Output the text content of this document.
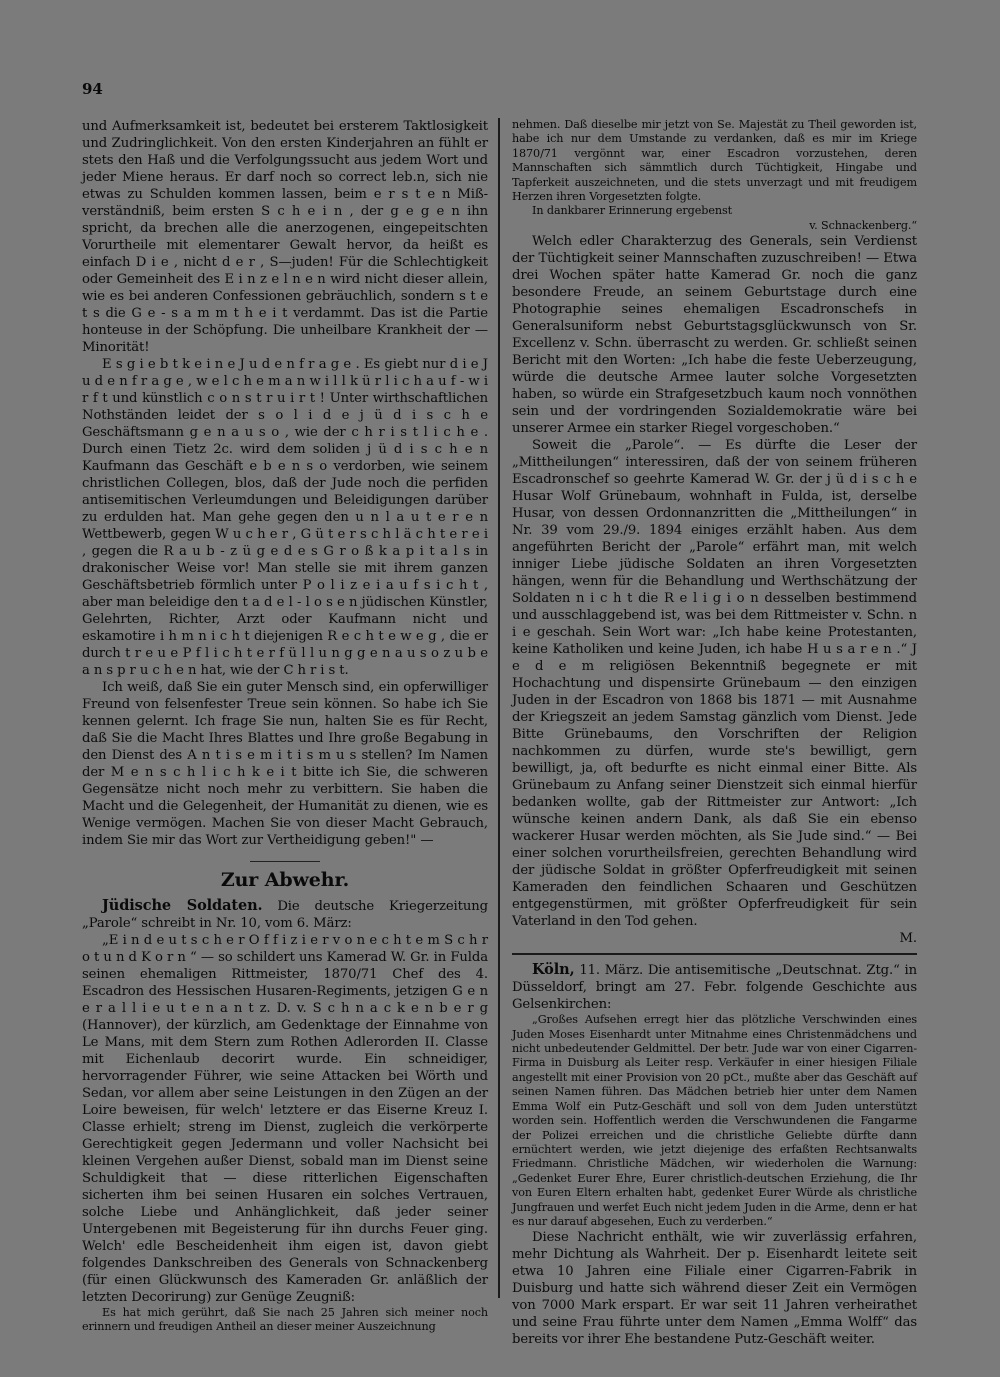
94

und Aufmerksamkeit ist, bedeutet bei ersterem Taktlosigkeit und Zudringlichkeit. Von den ersten Kinderjahren an fühlt er stets den Haß und die Verfolgungssucht aus jedem Wort und jeder Miene heraus. Er darf noch so correct leb.n, sich nie etwas zu Schulden kommen lassen, beim e r s t e n Miß-verständniß, beim ersten S c h e i n , der g e g e n ihn spricht, da brechen alle die anerzogenen, eingepeitschten Vorurtheile mit elementarer Gewalt hervor, da heißt es einfach D i e , nicht d e r , S—juden! Für die Schlechtigkeit oder Gemeinheit des E i n z e l n e n wird nicht dieser allein, wie es bei anderen Confessionen gebräuchlich, sondern s t e t s die G e - s a m m t h e i t verdammt. Das ist die Partie honteuse in der Schöpfung. Die unheilbare Krankheit der — Minorität!

E s g i e b t k e i n e J u d e n f r a g e . Es giebt nur d i e J u d e n f r a g e , w e l c h e m a n w i l l k ü r l i c h a u f - w i r f t und künstlich c o n s t r u i r t ! Unter wirthschaftlichen Nothständen leidet der s o l i d e j ü d i s c h e Geschäftsmann g e n a u s o , wie der c h r i s t l i c h e . Durch einen Tietz 2c. wird dem soliden j ü d i s c h e n Kaufmann das Geschäft e b e n s o verdorben, wie seinem christlichen Collegen, blos, daß der Jude noch die perfiden antisemitischen Verleumdungen und Beleidigungen darüber zu erdulden hat. Man gehe gegen den u n l a u t e r e n Wettbewerb, gegen W u c h e r , G ü t e r s c h l ä c h t e r e i , gegen die R a u b - z ü g e d e s G r o ß k a p i t a l s in drakonischer Weise vor! Man stelle sie mit ihrem ganzen Geschäftsbetrieb förmlich unter P o l i z e i a u f s i c h t , aber man beleidige den t a d e l - l o s e n jüdischen Künstler, Gelehrten, Richter, Arzt oder Kaufmann nicht und eskamotire i h m n i c h t diejenigen R e c h t e w e g , die er durch t r e u e P f l i c h t e r f ü l l u n g g e n a u s o z u b e a n s p r u c h e n hat, wie der C h r i s t.

Ich weiß, daß Sie ein guter Mensch sind, ein opferwilliger Freund von felsenfester Treue sein können. So habe ich Sie kennen gelernt. Ich frage Sie nun, halten Sie es für Recht, daß Sie die Macht Ihres Blattes und Ihre große Begabung in den Dienst des A n t i s e m i t i s m u s stellen? Im Namen der M e n s c h l i c h k e i t bitte ich Sie, die schweren Gegensätze nicht noch mehr zu verbittern. Sie haben die Macht und die Gelegenheit, der Humanität zu dienen, wie es Wenige vermögen. Machen Sie von dieser Macht Gebrauch, indem Sie mir das Wort zur Vertheidigung geben!" —

Zur Abwehr.

Jüdische Soldaten. Die deutsche Kriegerzeitung „Parole“ schreibt in Nr. 10, vom 6. März:

„E i n d e u t s c h e r O f f i z i e r v o n e c h t e m S c h r o t u n d K o r n “ — so schildert uns Kamerad W. Gr. in Fulda seinen ehemaligen Rittmeister, 1870/71 Chef des 4. Escadron des Hessischen Husaren-Regiments, jetzigen G e n e r a l l i e u t e n a n t z. D. v. S c h n a c k e n b e r g (Hannover), der kürzlich, am Gedenktage der Einnahme von Le Mans, mit dem Stern zum Rothen Adlerorden II. Classe mit Eichenlaub decorirt wurde. Ein schneidiger, hervorragender Führer, wie seine Attacken bei Wörth und Sedan, vor allem aber seine Leistungen in den Zügen an der Loire beweisen, für welch' letztere er das Eiserne Kreuz I. Classe erhielt; streng im Dienst, zugleich die verkörperte Gerechtigkeit gegen Jedermann und voller Nachsicht bei kleinen Vergehen außer Dienst, sobald man im Dienst seine Schuldigkeit that — diese ritterlichen Eigenschaften sicherten ihm bei seinen Husaren ein solches Vertrauen, solche Liebe und Anhänglichkeit, daß jeder seiner Untergebenen mit Begeisterung für ihn durchs Feuer ging. Welch' edle Bescheidenheit ihm eigen ist, davon giebt folgendes Dankschreiben des Generals von Schnackenberg (für einen Glückwunsch des Kameraden Gr. anläßlich der letzten Decorirung) zur Genüge Zeugniß:

Es hat mich gerührt, daß Sie nach 25 Jahren sich meiner noch erinnern und freudigen Antheil an dieser meiner Auszeichnung

nehmen. Daß dieselbe mir jetzt von Se. Majestät zu Theil geworden ist, habe ich nur dem Umstande zu verdanken, daß es mir im Kriege 1870/71 vergönnt war, einer Escadron vorzustehen, deren Mannschaften sich sämmtlich durch Tüchtigkeit, Hingabe und Tapferkeit auszeichneten, und die stets unverzagt und mit freudigem Herzen ihren Vorgesetzten folgte.

In dankbarer Erinnerung ergebenst

v. Schnackenberg.“

Welch edler Charakterzug des Generals, sein Verdienst der Tüchtigkeit seiner Mannschaften zuzuschreiben! — Etwa drei Wochen später hatte Kamerad Gr. noch die ganz besondere Freude, an seinem Geburtstage durch eine Photographie seines ehemaligen Escadronschefs in Generalsuniform nebst Geburtstagsglückwunsch von Sr. Excellenz v. Schn. überrascht zu werden. Gr. schließt seinen Bericht mit den Worten: „Ich habe die feste Ueberzeugung, würde die deutsche Armee lauter solche Vorgesetzten haben, so würde ein Strafgesetzbuch kaum noch vonnöthen sein und der vordringenden Sozialdemokratie wäre bei unserer Armee ein starker Riegel vorgeschoben.“

Soweit die „Parole“. — Es dürfte die Leser der „Mittheilungen“ interessiren, daß der von seinem früheren Escadronschef so geehrte Kamerad W. Gr. der j ü d i s c h e Husar Wolf Grünebaum, wohnhaft in Fulda, ist, derselbe Husar, von dessen Ordonnanzritten die „Mittheilungen“ in Nr. 39 vom 29./9. 1894 einiges erzählt haben. Aus dem angeführten Bericht der „Parole“ erfährt man, mit welch inniger Liebe jüdische Soldaten an ihren Vorgesetzten hängen, wenn für die Behandlung und Werthschätzung der Soldaten n i c h t die R e l i g i o n desselben bestimmend und ausschlaggebend ist, was bei dem Rittmeister v. Schn. n i e geschah. Sein Wort war: „Ich habe keine Protestanten, keine Katholiken und keine Juden, ich habe H u s a r e n .“ J e d e m religiösen Bekenntniß begegnete er mit Hochachtung und dispensirte Grünebaum — den einzigen Juden in der Escadron von 1868 bis 1871 — mit Ausnahme der Kriegszeit an jedem Samstag gänzlich vom Dienst. Jede Bitte Grünebaums, den Vorschriften der Religion nachkommen zu dürfen, wurde ste's bewilligt, gern bewilligt, ja, oft bedurfte es nicht einmal einer Bitte. Als Grünebaum zu Anfang seiner Dienstzeit sich einmal hierfür bedanken wollte, gab der Rittmeister zur Antwort: „Ich wünsche keinen andern Dank, als daß Sie ein ebenso wackerer Husar werden möchten, als Sie Jude sind.“ — Bei einer solchen vorurtheilsfreien, gerechten Behandlung wird der jüdische Soldat in größter Opferfreudigkeit mit seinen Kameraden den feindlichen Schaaren und Geschützen entgegenstürmen, mit größter Opferfreudigkeit für sein Vaterland in den Tod gehen.

M.

Köln, 11. März. Die antisemitische „Deutschnat. Ztg.“ in Düsseldorf, bringt am 27. Febr. folgende Geschichte aus Gelsenkirchen:

„Großes Aufsehen erregt hier das plötzliche Verschwinden eines Juden Moses Eisenhardt unter Mitnahme eines Christenmädchens und nicht unbedeutender Geldmittel. Der betr. Jude war von einer Cigarren-Firma in Duisburg als Leiter resp. Verkäufer in einer hiesigen Filiale angestellt mit einer Provision von 20 pCt., mußte aber das Geschäft auf seinen Namen führen. Das Mädchen betrieb hier unter dem Namen Emma Wolf ein Putz-Geschäft und soll von dem Juden unterstützt worden sein. Hoffentlich werden die Verschwundenen die Fangarme der Polizei erreichen und die christliche Geliebte dürfte dann ernüchtert werden, wie jetzt diejenige des erfaßten Rechtsanwalts Friedmann. Christliche Mädchen, wir wiederholen die Warnung: „Gedenket Eurer Ehre, Eurer christlich-deutschen Erziehung, die Ihr von Euren Eltern erhalten habt, gedenket Eurer Würde als christliche Jungfrauen und werfet Euch nicht jedem Juden in die Arme, denn er hat es nur darauf abgesehen, Euch zu verderben.“

Diese Nachricht enthält, wie wir zuverlässig erfahren, mehr Dichtung als Wahrheit. Der p. Eisenhardt leitete seit etwa 10 Jahren eine Filiale einer Cigarren-Fabrik in Duisburg und hatte sich während dieser Zeit ein Vermögen von 7000 Mark erspart. Er war seit 11 Jahren verheirathet und seine Frau führte unter dem Namen „Emma Wolff“ das bereits vor ihrer Ehe bestandene Putz-Geschäft weiter.
